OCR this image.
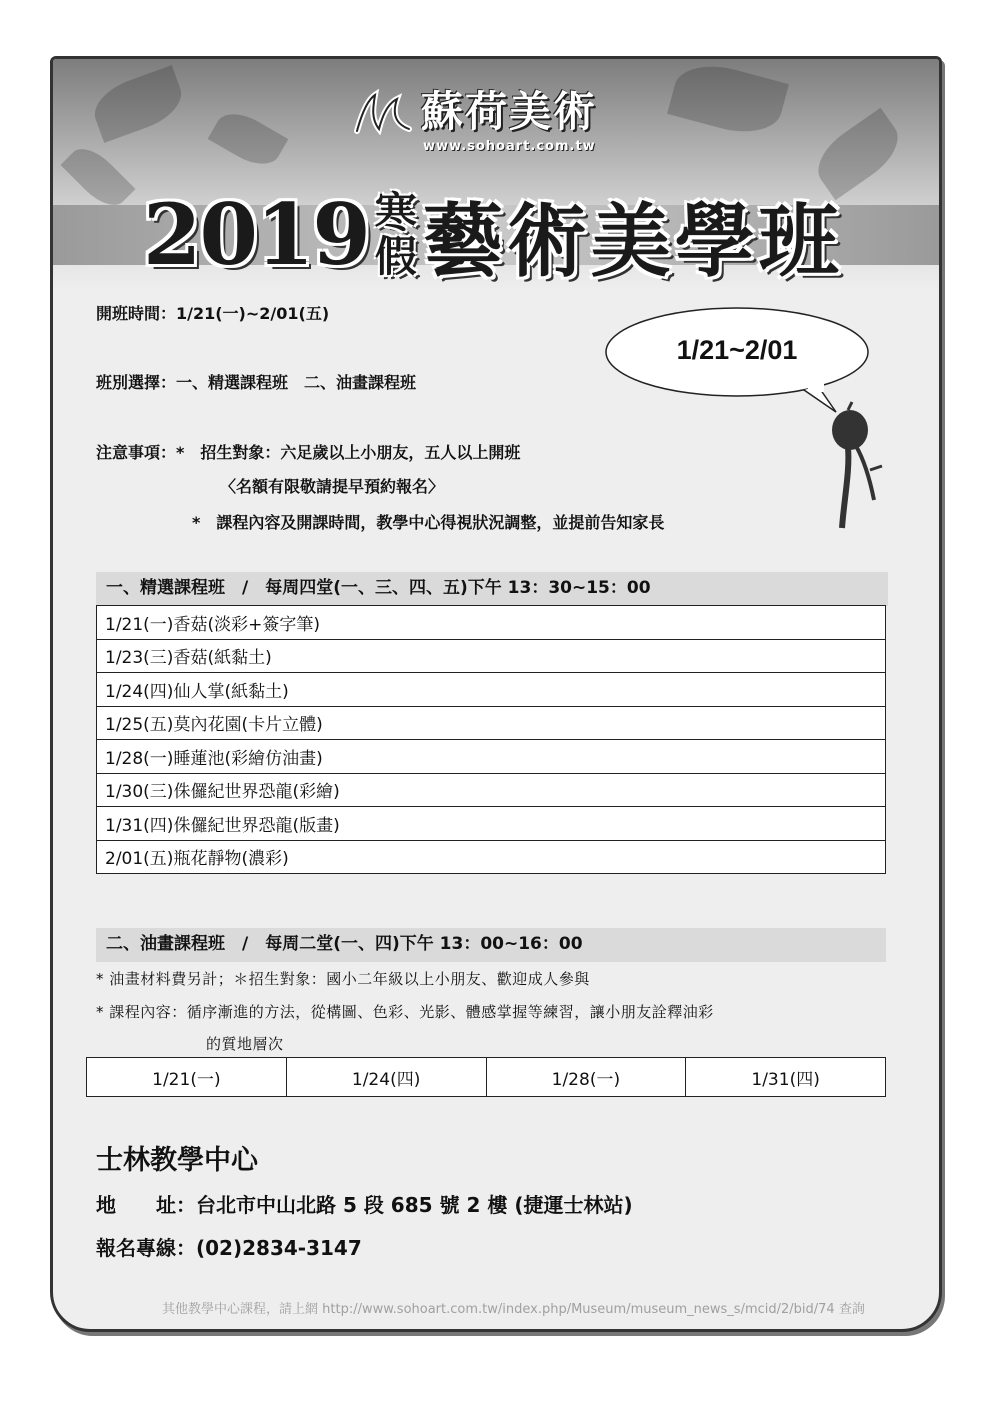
蘇荷美術
www.sohoart.com.tw
2019 寒
假 藝術美學班
開班時間：1/21(一)~2/01(五)
班別選擇：一、精選課程班　二、油畫課程班
注意事項：*　招生對象：六足歲以上小朋友，五人以上開班
〈名額有限敬請提早預約報名〉
*　課程內容及開課時間，教學中心得視狀況調整，並提前告知家長
1/21~2/01
一、精選課程班　/　每周四堂(一、三、四、五)下午 13：30~15：00
1/21(一)香菇(淡彩+簽字筆)
1/23(三)香菇(紙黏土)
1/24(四)仙人掌(紙黏土)
1/25(五)莫內花園(卡片立體)
1/28(一)睡蓮池(彩繪仿油畫)
1/30(三)侏儸紀世界恐龍(彩繪)
1/31(四)侏儸紀世界恐龍(版畫)
2/01(五)瓶花靜物(濃彩)
二、油畫課程班　/　每周二堂(一、四)下午 13：00~16：00
* 油畫材料費另計；＊招生對象：國小二年級以上小朋友、歡迎成人參與
* 課程內容：循序漸進的方法，從構圖、色彩、光影、體感掌握等練習，讓小朋友詮釋油彩
的質地層次
1/21(一)	1/24(四)	1/28(一)	1/31(四)
士林教學中心
地　　址：台北市中山北路 5 段 685 號 2 樓 (捷運士林站)
報名專線：(02)2834-3147
其他教學中心課程，請上網 http://www.sohoart.com.tw/index.php/Museum/museum_news_s/mcid/2/bid/74 查詢
